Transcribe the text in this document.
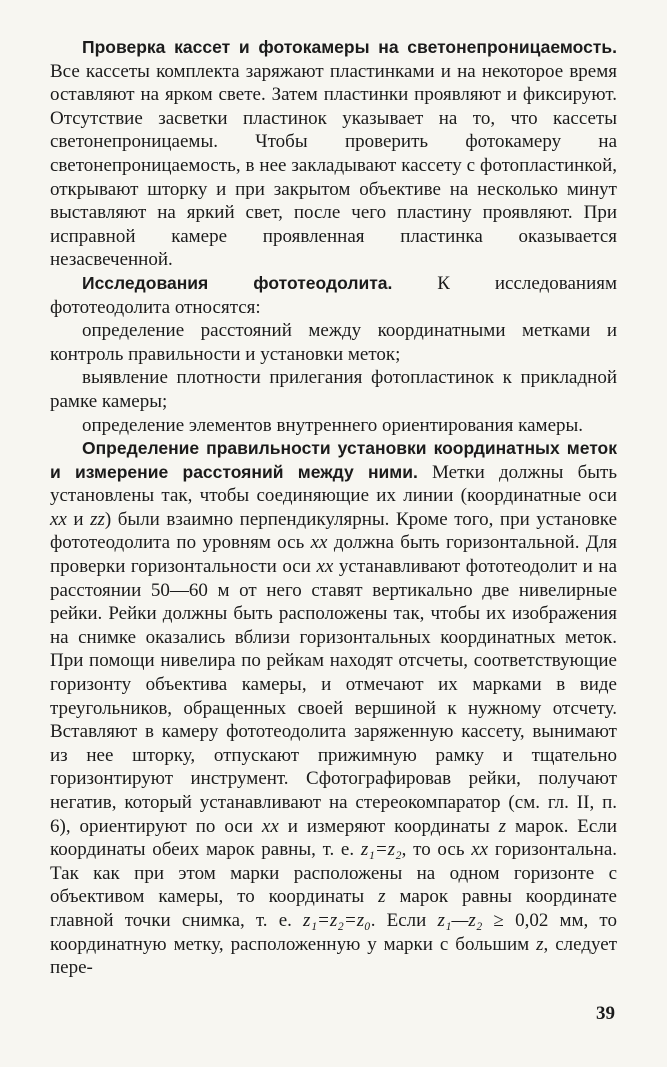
Проверка кассет и фотокамеры на светонепроницаемость. Все кассеты комплекта заряжают пластинками и на некоторое время оставляют на ярком свете. Затем пластинки проявляют и фиксируют. Отсутствие засветки пластинок указывает на то, что кассеты светонепроницаемы. Чтобы проверить фотокамеру на светонепроницаемость, в нее закладывают кассету с фотопластинкой, открывают шторку и при закрытом объективе на несколько минут выставляют на яркий свет, после чего пластину проявляют. При исправной камере проявленная пластинка оказывается незасвеченной.

Исследования фототеодолита. К исследованиям фототеодолита относятся:

определение расстояний между координатными метками и контроль правильности и установки меток;

выявление плотности прилегания фотопластинок к прикладной рамке камеры;

определение элементов внутреннего ориентирования камеры.

Определение правильности установки координатных меток и измерение расстояний между ними. Метки должны быть установлены так, чтобы соединяющие их линии (координатные оси xx и zz) были взаимно перпендикулярны. Кроме того, при установке фототеодолита по уровням ось xx должна быть горизонтальной. Для проверки горизонтальности оси xx устанавливают фототеодолит и на расстоянии 50—60 м от него ставят вертикально две нивелирные рейки. Рейки должны быть расположены так, чтобы их изображения на снимке оказались вблизи горизонтальных координатных меток. При помощи нивелира по рейкам находят отсчеты, соответствующие горизонту объектива камеры, и отмечают их марками в виде треугольников, обращенных своей вершиной к нужному отсчету. Вставляют в камеру фототеодолита заряженную кассету, вынимают из нее шторку, отпускают прижимную рамку и тщательно горизонтируют инструмент. Сфотографировав рейки, получают негатив, который устанавливают на стереокомпаратор (см. гл. II, п. 6), ориентируют по оси xx и измеряют координаты z марок. Если координаты обеих марок равны, т. е. z₁=z₂, то ось xx горизонтальна. Так как при этом марки расположены на одном горизонте с объективом камеры, то координаты z марок равны координате главной точки снимка, т. е. z₁=z₂=z₀. Если z₁—z₂ ≥ 0,02 мм, то координатную метку, расположенную у марки с большим z, следует пере-

39
